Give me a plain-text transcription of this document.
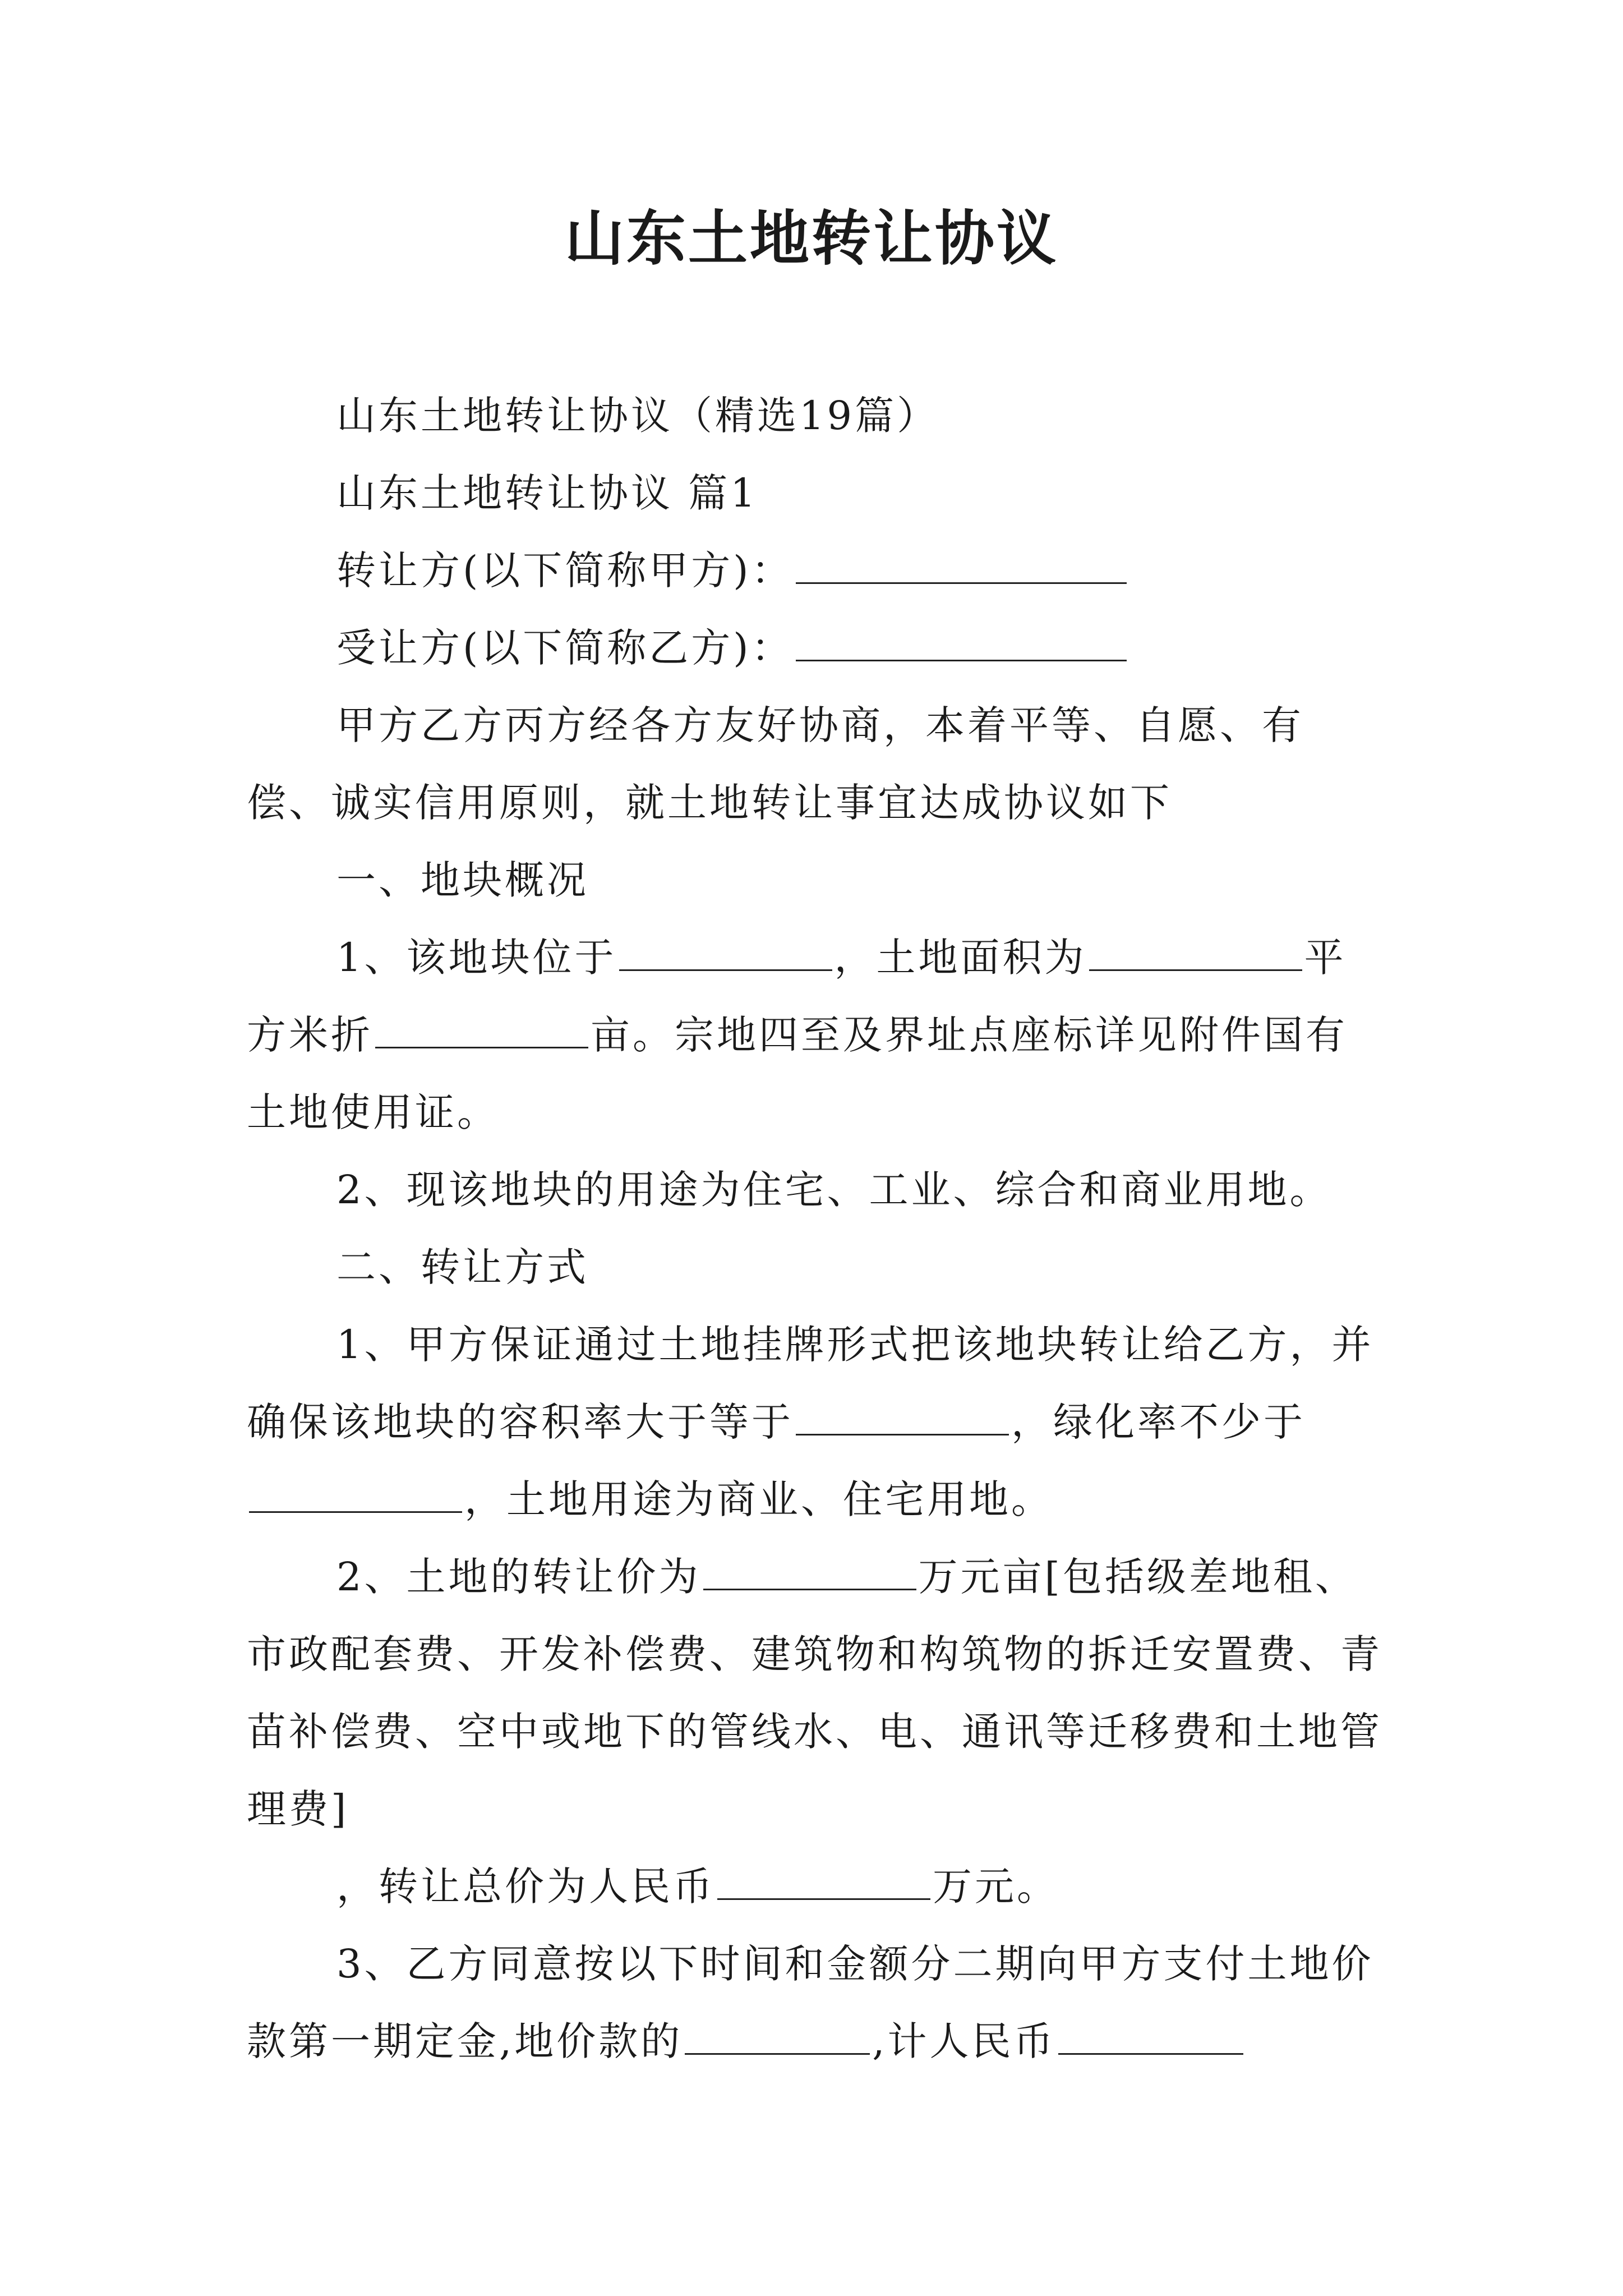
山东土地转让协议

山东土地转让协议（精选19篇）

山东土地转让协议 篇1

转让方(以下简称甲方)：

受让方(以下简称乙方)：

甲方乙方丙方经各方友好协商，本着平等、自愿、有偿、诚实信用原则，就土地转让事宜达成协议如下

一、地块概况

1、该地块位于	，土地面积为	平方米折	亩。宗地四至及界址点座标详见附件国有土地使用证。

2、现该地块的用途为住宅、工业、综合和商业用地。

二、转让方式

1、甲方保证通过土地挂牌形式把该地块转让给乙方，并确保该地块的容积率大于等于	，绿化率不少于，土地用途为商业、住宅用地。

2、土地的转让价为	万元亩[包括级差地租、市政配套费、开发补偿费、建筑物和构筑物的拆迁安置费、青苗补偿费、空中或地下的管线水、电、通讯等迁移费和土地管理费]

，转让总价为人民币	万元。

3、乙方同意按以下时间和金额分二期向甲方支付土地价款第一期定金,地价款的	,计人民币
